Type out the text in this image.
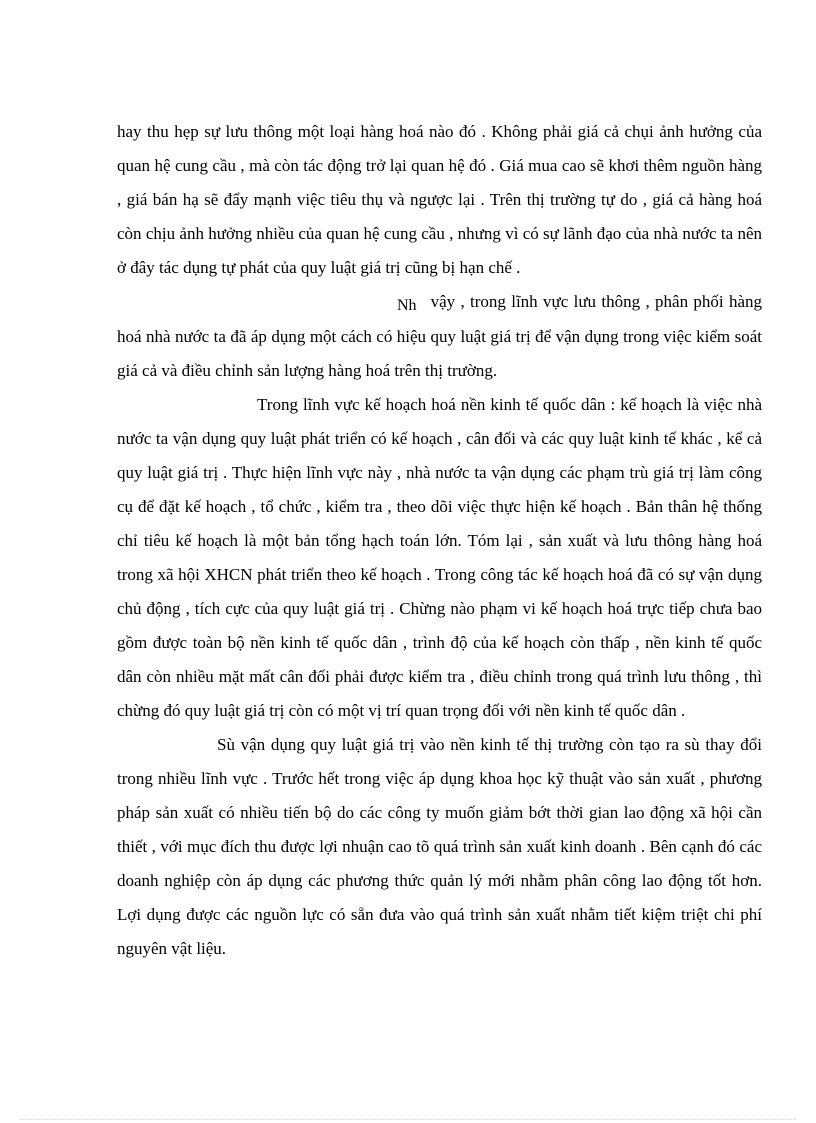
hay thu hẹp sự lưu thông một loại hàng hoá nào đó . Không phải giá cả chụi ảnh hưởng của quan hệ cung cầu , mà còn tác động trở lại quan hệ đó . Giá mua cao sẽ khơi thêm nguồn hàng , giá bán hạ sẽ đẩy mạnh việc tiêu thụ và ngược lại . Trên thị trường tự do , giá cả hàng hoá còn chịu ảnh hưởng nhiều của quan hệ cung cầu , nhưng vì có sự lãnh đạo của nhà nước ta nên ở đây tác dụng tự phát của quy luật giá trị cũng bị hạn chế .

Nh vậy , trong lĩnh vực lưu thông , phân phối hàng hoá nhà nước ta đã áp dụng một cách có hiệu quy luật giá trị để vận dụng trong việc kiểm soát giá cả và điều chỉnh sản lượng hàng hoá trên thị trường.

Trong lĩnh vực kế hoạch hoá nền kinh tế quốc dân : kế hoạch là việc nhà nước ta vận dụng quy luật phát triển có kế hoạch , cân đối và các quy luật kinh tế khác , kể cả quy luật giá trị . Thực hiện lĩnh vực này , nhà nước ta vận dụng các phạm trù giá trị làm công cụ để đặt kế hoạch , tổ chức , kiểm tra , theo dõi việc thực hiện kế hoạch . Bản thân hệ thống chỉ tiêu kế hoạch là một bản tổng hạch toán lớn. Tóm lại , sản xuất và lưu thông hàng hoá trong xã hội XHCN phát triển theo kế hoạch . Trong công tác kế hoạch hoá đã có sự vận dụng chủ động , tích cực của quy luật giá trị . Chừng nào phạm vi kế hoạch hoá trực tiếp chưa bao gồm được toàn bộ nền kinh tế quốc dân , trình độ của kế hoạch còn thấp , nền kinh tế quốc dân còn nhiều mặt mất cân đối phải được kiểm tra , điều chỉnh trong quá trình lưu thông , thì chừng đó quy luật giá trị còn có một vị trí quan trọng đối với nền kinh tế quốc dân .

Sù vận dụng quy luật giá trị vào nền kinh tế thị trường còn tạo ra sù thay đổi trong nhiều lĩnh vực . Trước hết trong việc áp dụng khoa học kỹ thuật vào sản xuất , phương pháp sản xuất có nhiều tiến bộ do các công ty muốn giảm bớt thời gian lao động xã hội cần thiết , với mục đích thu được lợi nhuận cao tõ quá trình sản xuất kinh doanh . Bên cạnh đó các doanh nghiệp còn áp dụng các phương thức quản lý mới nhằm phân công lao động tốt hơn. Lợi dụng được các nguồn lực có sẵn đưa vào quá trình sản xuất nhằm tiết kiệm triệt chi phí nguyên vật liệu.
